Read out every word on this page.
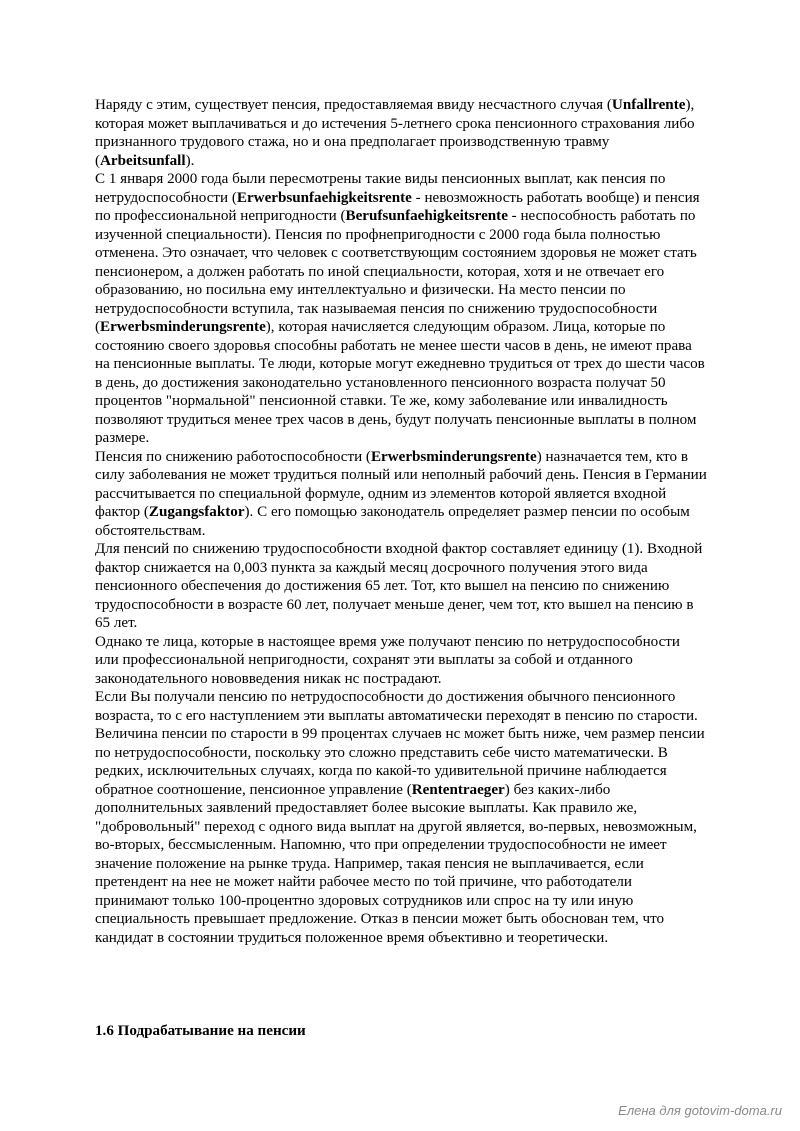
Наряду с этим, существует пенсия, предоставляемая ввиду несчастного случая (Unfallrente), которая может выплачиваться и до истечения 5-летнего срока пенсионного страхования либо признанного трудового стажа, но и она предполагает производственную травму (Arbeitsunfall).

С 1 января 2000 года были пересмотрены такие виды пенсионных выплат, как пенсия по нетрудоспособности (Erwerbsunfaehigkeitsrente - невозможность работать вообще) и пенсия по профессиональной непригодности (Berufsunfaehigkeitsrente - неспособность работать по изученной специальности). Пенсия по профнепригодности с 2000 года была полностью отменена. Это означает, что человек с соответствующим состоянием здоровья не может стать пенсионером, а должен работать по иной специальности, которая, хотя и не отвечает его образованию, но посильна ему интеллектуально и физически. На место пенсии по нетрудоспособности вступила, так называемая пенсия по снижению трудоспособности (Erwerbsminderungsrente), которая начисляется следующим образом. Лица, которые по состоянию своего здоровья способны работать не менее шести часов в день, не имеют права на пенсионные выплаты. Те люди, которые могут ежедневно трудиться от трех до шести часов в день, до достижения законодательно установленного пенсионного возраста получат 50 процентов "нормальной" пенсионной ставки. Те же, кому заболевание или инвалидность позволяют трудиться менее трех часов в день, будут получать пенсионные выплаты в полном размере.

Пенсия по снижению работоспособности (Erwerbsminderungsrente) назначается тем, кто в силу заболевания не может трудиться полный или неполный рабочий день. Пенсия в Германии рассчитывается по специальной формуле, одним из элементов которой является входной фактор (Zugangsfaktor). С его помощью законодатель определяет размер пенсии по особым обстоятельствам.

Для пенсий по снижению трудоспособности входной фактор составляет единицу (1). Входной фактор снижается на 0,003 пункта за каждый месяц досрочного получения этого вида пенсионного обеспечения до достижения 65 лет. Тот, кто вышел на пенсию по снижению трудоспособности в возрасте 60 лет, получает меньше денег, чем тот, кто вышел на пенсию в 65 лет.

Однако те лица, которые в настоящее время уже получают пенсию по нетрудоспособности или профессиональной непригодности, сохранят эти выплаты за собой и отданного законодательного нововведения никак нс пострадают.

Если Вы получали пенсию по нетрудоспособности до достижения обычного пенсионного возраста, то с его наступлением эти выплаты автоматически переходят в пенсию по старости. Величина пенсии по старости в 99 процентах случаев нс может быть ниже, чем размер пенсии по нетрудоспособности, поскольку это сложно представить себе чисто математически. В редких, исключительных случаях, когда по какой-то удивительной причине наблюдается обратное соотношение, пенсионное управление (Rententraeger) без каких-либо дополнительных заявлений предоставляет более высокие выплаты. Как правило же, "добровольный" переход с одного вида выплат на другой является, во-первых, невозможным, во-вторых, бессмысленным. Напомню, что при определении трудоспособности не имеет значение положение на рынке труда. Например, такая пенсия не выплачивается, если претендент на нее не может найти рабочее место по той причине, что работодатели принимают только 100-процентно здоровых сотрудников или спрос на ту или иную специальность превышает предложение. Отказ в пенсии может быть обоснован тем, что кандидат в состоянии трудиться положенное время объективно и теоретически.

1.6 Подрабатывание на пенсии
Елена для gotovim-doma.ru
